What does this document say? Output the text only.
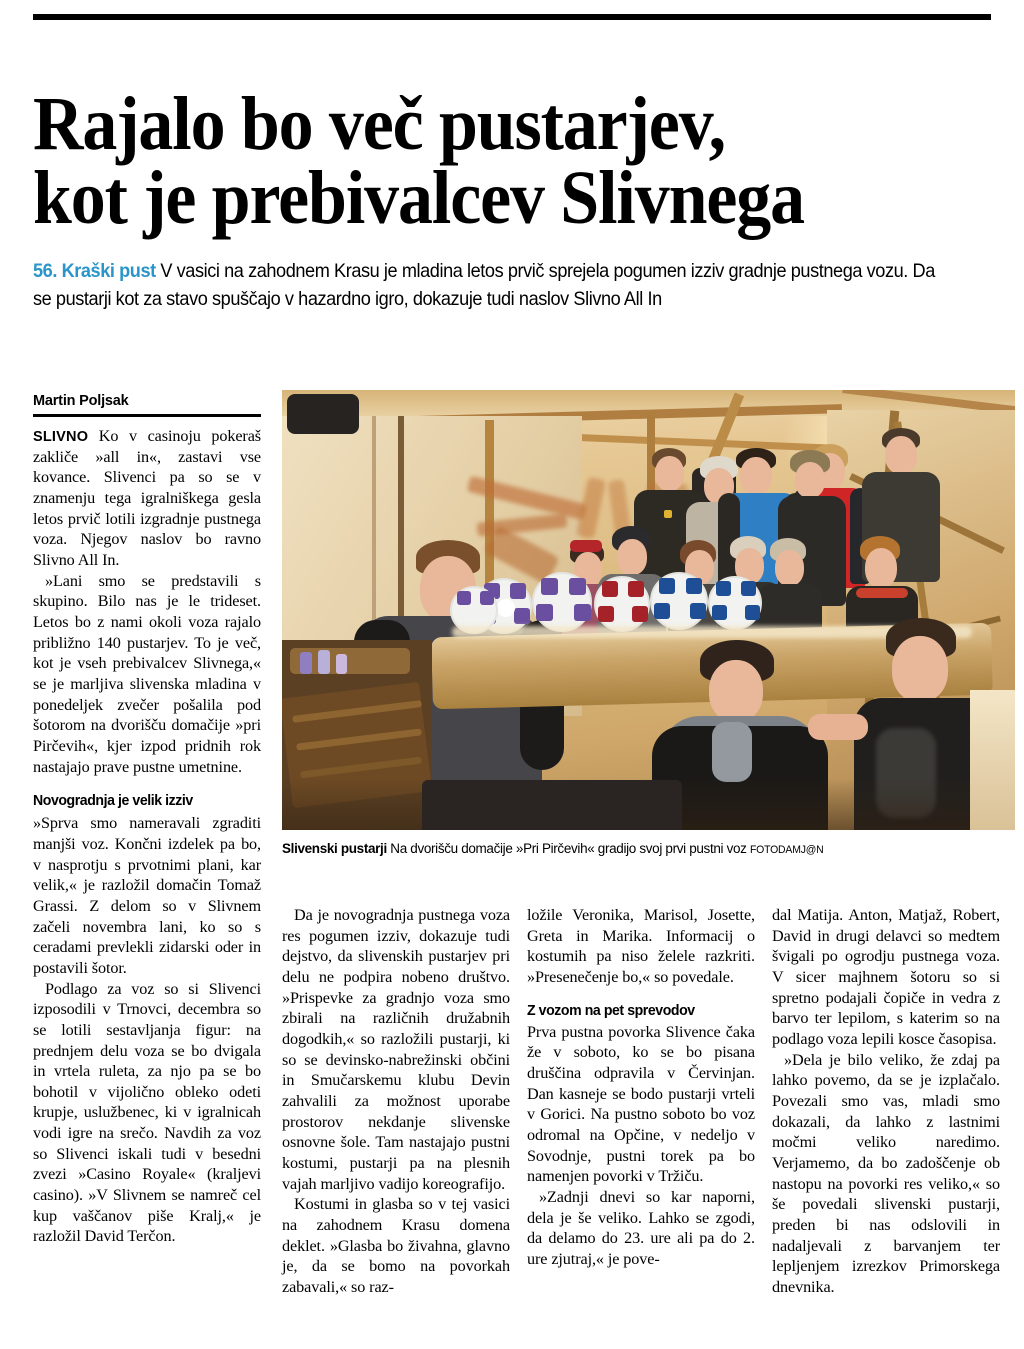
Rajalo bo več pustarjev,
kot je prebivalcev Slivnega
56. Kraški pust V vasici na zahodnem Krasu je mladina letos prvič sprejela pogumen izziv gradnje pustnega vozu. Da se pustarji kot za stavo spuščajo v hazardno igro, dokazuje tudi naslov Slivno All In
Martin Poljsak

SLIVNO Ko v casinoju pokeraš zakliče »all in«, zastavi vse kovance. Slivenci pa so se v znamenju tega igralniškega gesla letos prvič lotili izgradnje pustnega voza. Njegov naslov bo ravno Slivno All In.

»Lani smo se predstavili s skupino. Bilo nas je le trideset. Letos bo z nami okoli voza rajalo približno 140 pustarjev. To je več, kot je vseh prebivalcev Slivnega,« se je marljiva slivenska mladina v ponedeljek zvečer pošalila pod šotorom na dvorišču domačije »pri Pirčevih«, kjer izpod pridnih rok nastajajo prave pustne umetnine.

Novogradnja je velik izziv

»Sprva smo nameravali zgraditi manjši voz. Končni izdelek pa bo, v nasprotju s prvotnimi plani, kar velik,« je razložil domačin Tomaž Grassi. Z delom so v Slivnem začeli novembra lani, ko so s ceradami prevlekli zidarski oder in postavili šotor.

Podlago za voz so si Slivenci izposodili v Trnovci, decembra so se lotili sestavljanja figur: na prednjem delu voza se bo dvigala in vrtela ruleta, za njo pa se bo bohotil v vijolično obleko odeti krupje, uslužbenec, ki v igralnicah vodi igre na srečo. Navdih za voz so Slivenci iskali tudi v besedni zvezi »Casino Royale« (kraljevi casino). »V Slivnem se namreč cel kup vaščanov piše Kralj,« je razložil David Terčon.

Slivenski pustarji Na dvorišču domačije »Pri Pirčevih« gradijo svoj prvi pustni voz FOTODAMJ@N

Da je novogradnja pustnega voza res pogumen izziv, dokazuje tudi dejstvo, da slivenskih pustarjev pri delu ne podpira nobeno društvo. »Prispevke za gradnjo voza smo zbirali na različnih družabnih dogodkih,« so razložili pustarji, ki so se devinsko-nabrežinski občini in Smučarskemu klubu Devin zahvalili za možnost uporabe prostorov nekdanje slivenske osnovne šole. Tam nastajajo pustni kostumi, pustarji pa na plesnih vajah marljivo vadijo koreografijo.

Kostumi in glasba so v tej vasici na zahodnem Krasu domena deklet. »Glasba bo živahna, glavno je, da se bomo na povorkah zabavali,« so raz-

ložile Veronika, Marisol, Josette, Greta in Marika. Informacij o kostumih pa niso želele razkriti. »Presenečenje bo,« so povedale.

Z vozom na pet sprevodov

Prva pustna povorka Slivence čaka že v soboto, ko se bo pisana druščina odpravila v Červinjan. Dan kasneje se bodo pustarji vrteli v Gorici. Na pustno soboto bo voz odromal na Opčine, v nedeljo v Sovodnje, pustni torek pa bo namenjen povorki v Tržiču.

»Zadnji dnevi so kar naporni, dela je še veliko. Lahko se zgodi, da delamo do 23. ure ali pa do 2. ure zjutraj,« je pove-

dal Matija. Anton, Matjaž, Robert, David in drugi delavci so medtem švigali po ogrodju pustnega voza. V sicer majhnem šotoru so si spretno podajali čopiče in vedra z barvo ter lepilom, s katerim so na podlago voza lepili kosce časopisa.

»Dela je bilo veliko, že zdaj pa lahko povemo, da se je izplačalo. Povezali smo vas, mladi smo dokazali, da lahko z lastnimi močmi veliko naredimo. Verjamemo, da bo zadoščenje ob nastopu na povorki res veliko,« so še povedali slivenski pustarji, preden bi nas odslovili in nadaljevali z barvanjem ter lepljenjem izrezkov Primorskega dnevnika.
